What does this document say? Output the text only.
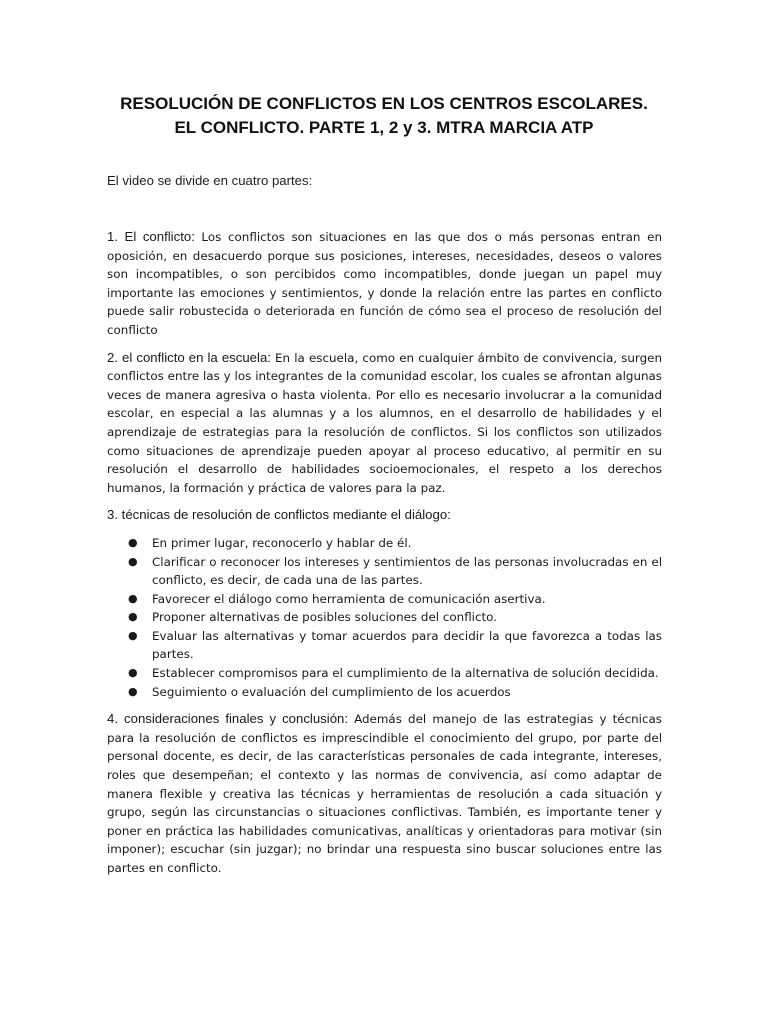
RESOLUCIÓN DE CONFLICTOS EN LOS CENTROS ESCOLARES.
EL CONFLICTO. PARTE 1, 2 y 3. MTRA MARCIA ATP
El video se divide en cuatro partes:

1. El conflicto: Los conflictos son situaciones en las que dos o más personas entran en oposición, en desacuerdo porque sus posiciones, intereses, necesidades, deseos o valores son incompatibles, o son percibidos como incompatibles, donde juegan un papel muy importante las emociones y sentimientos, y donde la relación entre las partes en conflicto puede salir robustecida o deteriorada en función de cómo sea el proceso de resolución del conflicto

2. el conflicto en la escuela: En la escuela, como en cualquier ámbito de convivencia, surgen conflictos entre las y los integrantes de la comunidad escolar, los cuales se afrontan algunas veces de manera agresiva o hasta violenta. Por ello es necesario involucrar a la comunidad escolar, en especial a las alumnas y a los alumnos, en el desarrollo de habilidades y el aprendizaje de estrategias para la resolución de conflictos. Si los conflictos son utilizados como situaciones de aprendizaje pueden apoyar al proceso educativo, al permitir en su resolución el desarrollo de habilidades socioemocionales, el respeto a los derechos humanos, la formación y práctica de valores para la paz.

3. técnicas de resolución de conflictos mediante el diálogo:

● En primer lugar, reconocerlo y hablar de él.
● Clarificar o reconocer los intereses y sentimientos de las personas involucradas en el conflicto, es decir, de cada una de las partes.
● Favorecer el diálogo como herramienta de comunicación asertiva.
● Proponer alternativas de posibles soluciones del conflicto.
● Evaluar las alternativas y tomar acuerdos para decidir la que favorezca a todas las partes.
● Establecer compromisos para el cumplimiento de la alternativa de solución decidida.
● Seguimiento o evaluación del cumplimiento de los acuerdos

4. consideraciones finales y conclusión: Además del manejo de las estrategias y técnicas para la resolución de conflictos es imprescindible el conocimiento del grupo, por parte del personal docente, es decir, de las características personales de cada integrante, intereses, roles que desempeñan; el contexto y las normas de convivencia, así como adaptar de manera flexible y creativa las técnicas y herramientas de resolución a cada situación y grupo, según las circunstancias o situaciones conflictivas. También, es importante tener y poner en práctica las habilidades comunicativas, analíticas y orientadoras para motivar (sin imponer); escuchar (sin juzgar); no brindar una respuesta sino buscar soluciones entre las partes en conflicto.
